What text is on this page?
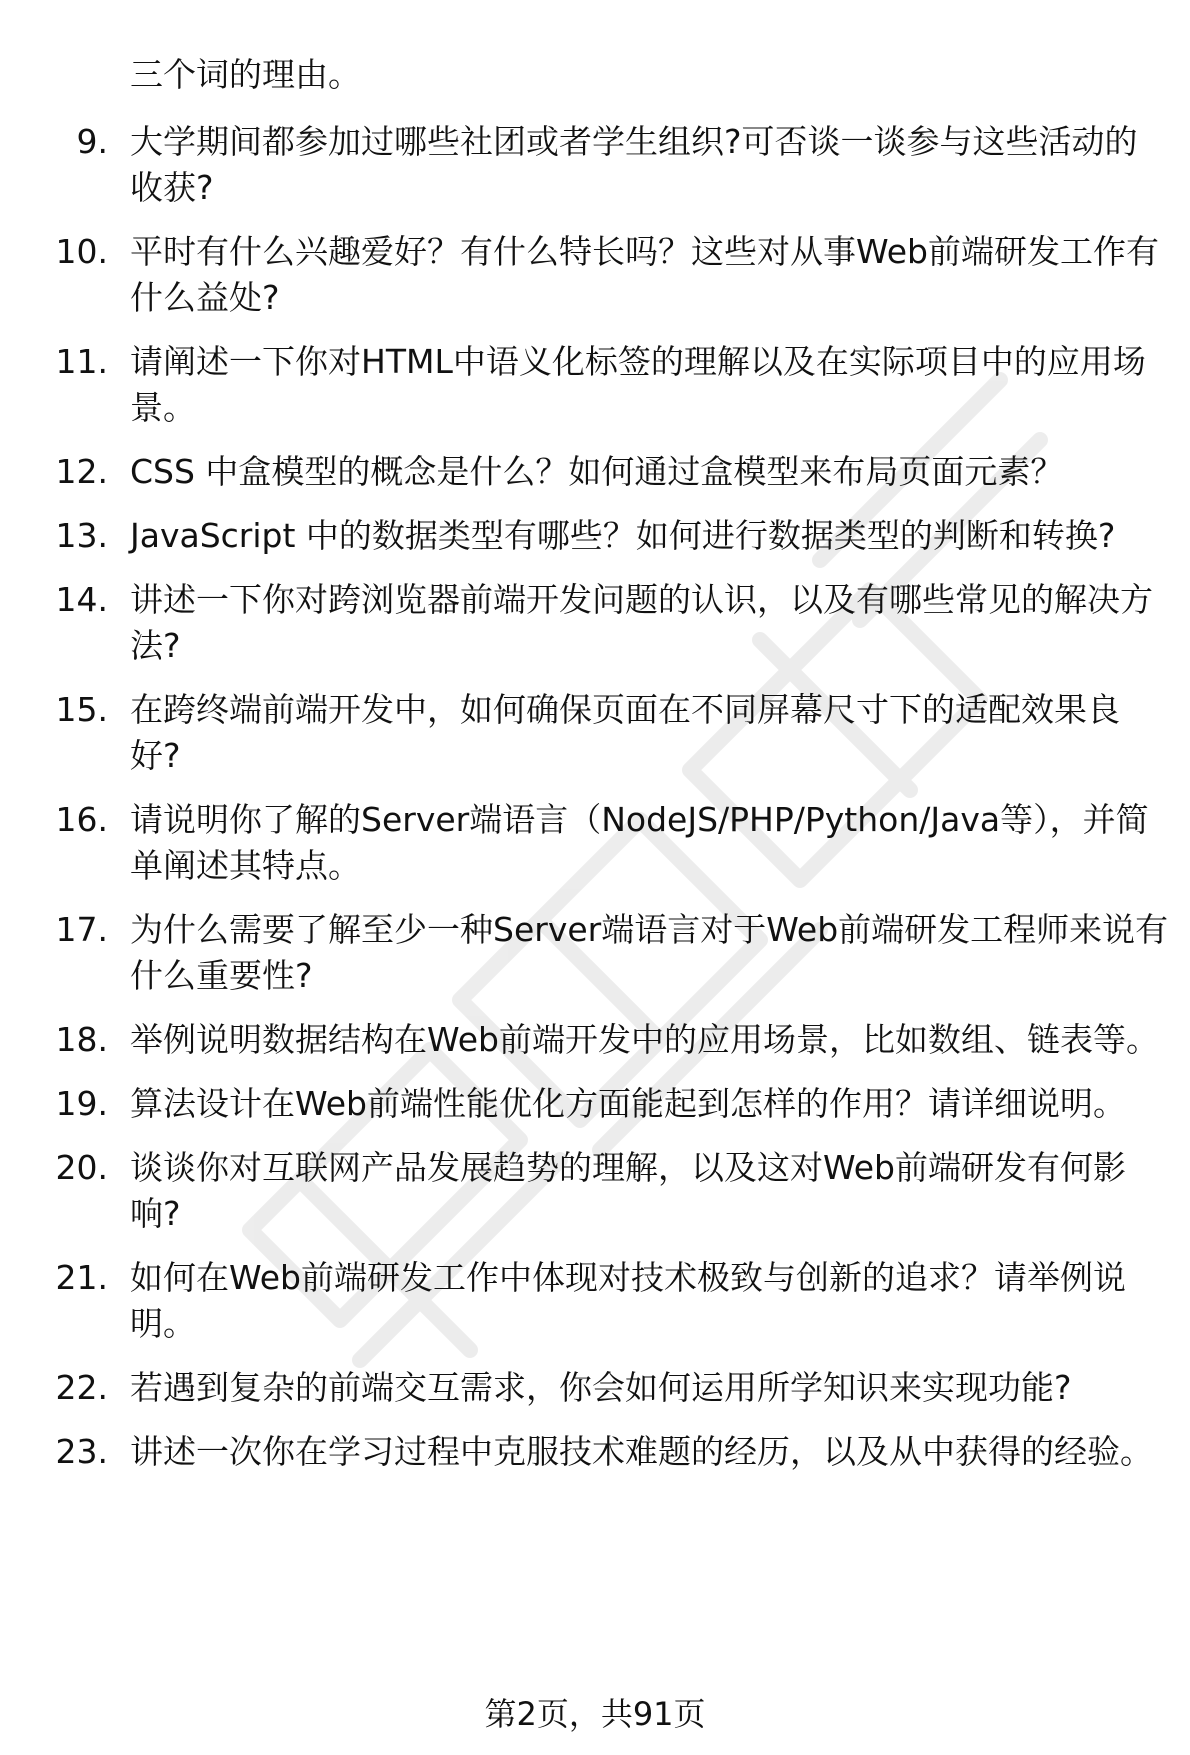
三个词的理由。

9. 大学期间都参加过哪些社团或者学生组织?可否谈一谈参与这些活动的收获?
10. 平时有什么兴趣爱好？有什么特长吗？这些对从事Web前端研发工作有什么益处?
11. 请阐述一下你对HTML中语义化标签的理解以及在实际项目中的应用场景。
12. CSS 中盒模型的概念是什么？如何通过盒模型来布局页面元素？
13. JavaScript 中的数据类型有哪些？如何进行数据类型的判断和转换?
14. 讲述一下你对跨浏览器前端开发问题的认识，以及有哪些常见的解决方法?
15. 在跨终端前端开发中，如何确保页面在不同屏幕尺寸下的适配效果良好?
16. 请说明你了解的Server端语言（NodeJS/PHP/Python/Java等），并简单阐述其特点。
17. 为什么需要了解至少一种Server端语言对于Web前端研发工程师来说有什么重要性?
18. 举例说明数据结构在Web前端开发中的应用场景，比如数组、链表等。
19. 算法设计在Web前端性能优化方面能起到怎样的作用？请详细说明。
20. 谈谈你对互联网产品发展趋势的理解，以及这对Web前端研发有何影响?
21. 如何在Web前端研发工作中体现对技术极致与创新的追求？请举例说明。
22. 若遇到复杂的前端交互需求，你会如何运用所学知识来实现功能?
23. 讲述一次你在学习过程中克服技术难题的经历，以及从中获得的经验。
第2页，共91页
